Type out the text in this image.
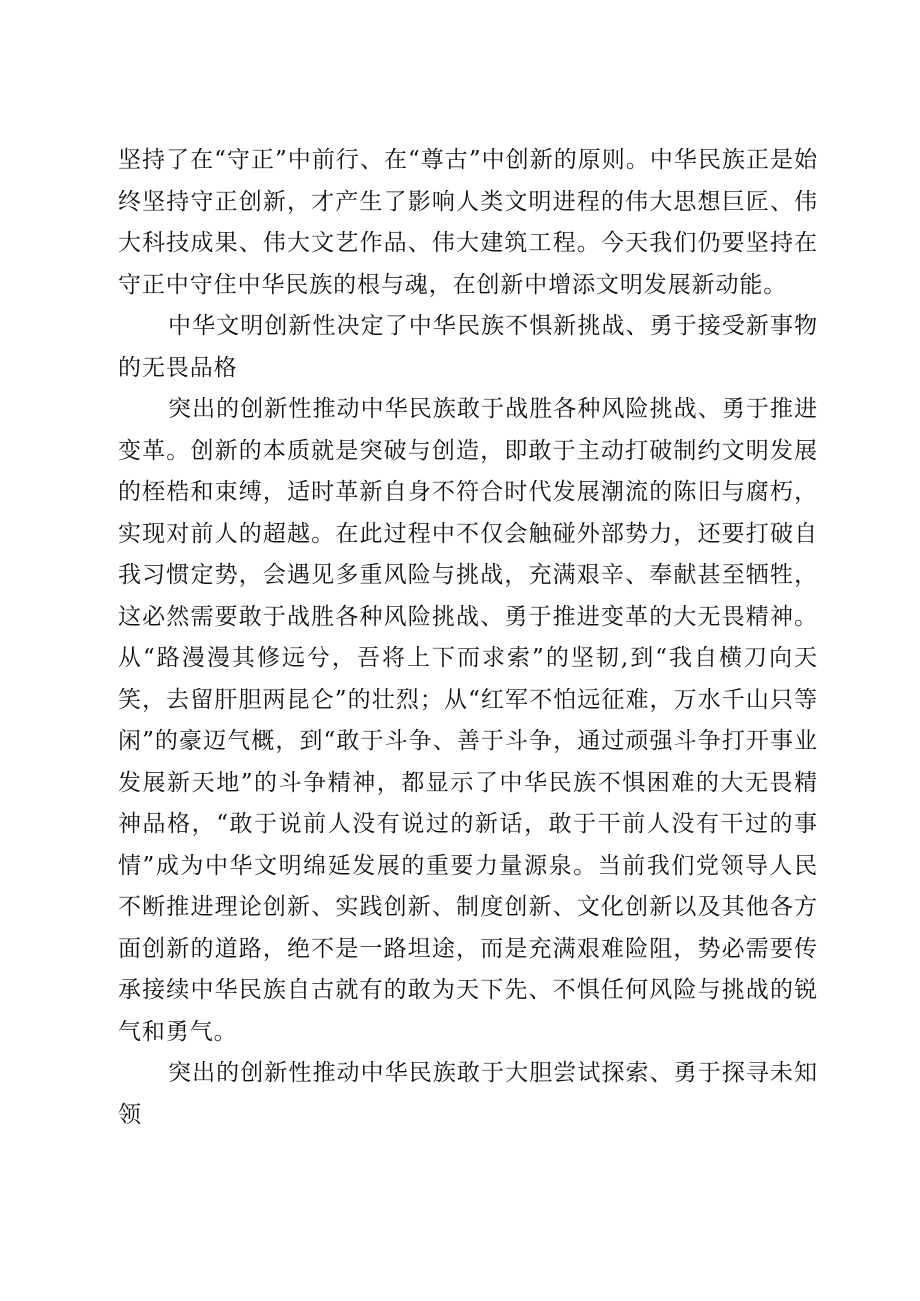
坚持了在“守正”中前行、在“尊古”中创新的原则。中华民族正是始终坚持守正创新，才产生了影响人类文明进程的伟大思想巨匠、伟大科技成果、伟大文艺作品、伟大建筑工程。今天我们仍要坚持在守正中守住中华民族的根与魂，在创新中增添文明发展新动能。

中华文明创新性决定了中华民族不惧新挑战、勇于接受新事物的无畏品格

突出的创新性推动中华民族敢于战胜各种风险挑战、勇于推进变革。创新的本质就是突破与创造，即敢于主动打破制约文明发展的桎梏和束缚，适时革新自身不符合时代发展潮流的陈旧与腐朽，实现对前人的超越。在此过程中不仅会触碰外部势力，还要打破自我习惯定势，会遇见多重风险与挑战，充满艰辛、奉献甚至牺牲，这必然需要敢于战胜各种风险挑战、勇于推进变革的大无畏精神。从“路漫漫其修远兮，吾将上下而求索”的坚韧,到“我自横刀向天笑，去留肝胆两昆仑”的壮烈；从“红军不怕远征难，万水千山只等闲”的豪迈气概，到“敢于斗争、善于斗争，通过顽强斗争打开事业发展新天地”的斗争精神，都显示了中华民族不惧困难的大无畏精神品格，“敢于说前人没有说过的新话，敢于干前人没有干过的事情”成为中华文明绵延发展的重要力量源泉。当前我们党领导人民不断推进理论创新、实践创新、制度创新、文化创新以及其他各方面创新的道路，绝不是一路坦途，而是充满艰难险阻，势必需要传承接续中华民族自古就有的敢为天下先、不惧任何风险与挑战的锐气和勇气。

突出的创新性推动中华民族敢于大胆尝试探索、勇于探寻未知领
